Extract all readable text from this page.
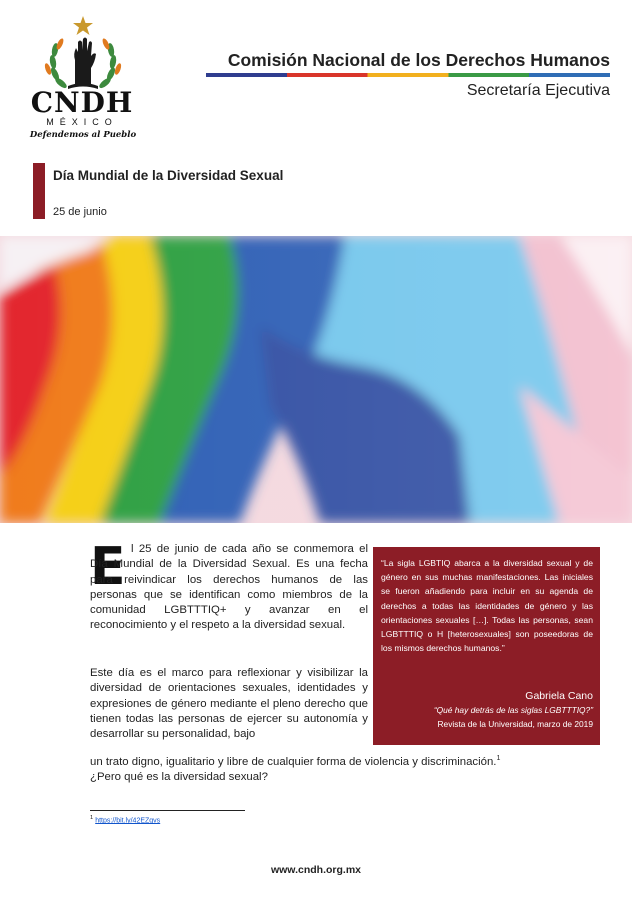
CNDH
MÉXICO
Defendemos al Pueblo
Comisión Nacional de los Derechos Humanos
Secretaría Ejecutiva
Día Mundial de la Diversidad Sexual
25 de junio
E l 25 de junio de cada año se conmemora el Día Mundial de la Diversidad Sexual. Es una fecha para reivindicar los derechos humanos de las personas que se identifican como miembros de la comunidad LGBTTTIQ+ y avanzar en el reconocimiento y el respeto a la diversidad sexual.
Este día es el marco para reflexionar y visibilizar la diversidad de orientaciones sexuales, identidades y expresiones de género mediante el pleno derecho que tienen todas las personas de ejercer su autonomía y desarrollar su personalidad, bajo
un trato digno, igualitario y libre de cualquier forma de violencia y discriminación.$^1$
¿Pero qué es la diversidad sexual?
“La sigla LGBTIQ abarca a la diversidad sexual y de género en sus muchas manifestaciones. Las iniciales se fueron añadiendo para incluir en su agenda de derechos a todas las identidades de género y las orientaciones sexuales […]. Todas las personas, sean LGBTTTIQ o H [heterosexuales] son poseedoras de los mismos derechos humanos.”
Gabriela Cano
“Qué hay detrás de las siglas LGBTTTIQ?”
Revista de la Universidad, marzo de 2019
$^1$ https://bit.ly/42EZqvs
www.cndh.org.mx
